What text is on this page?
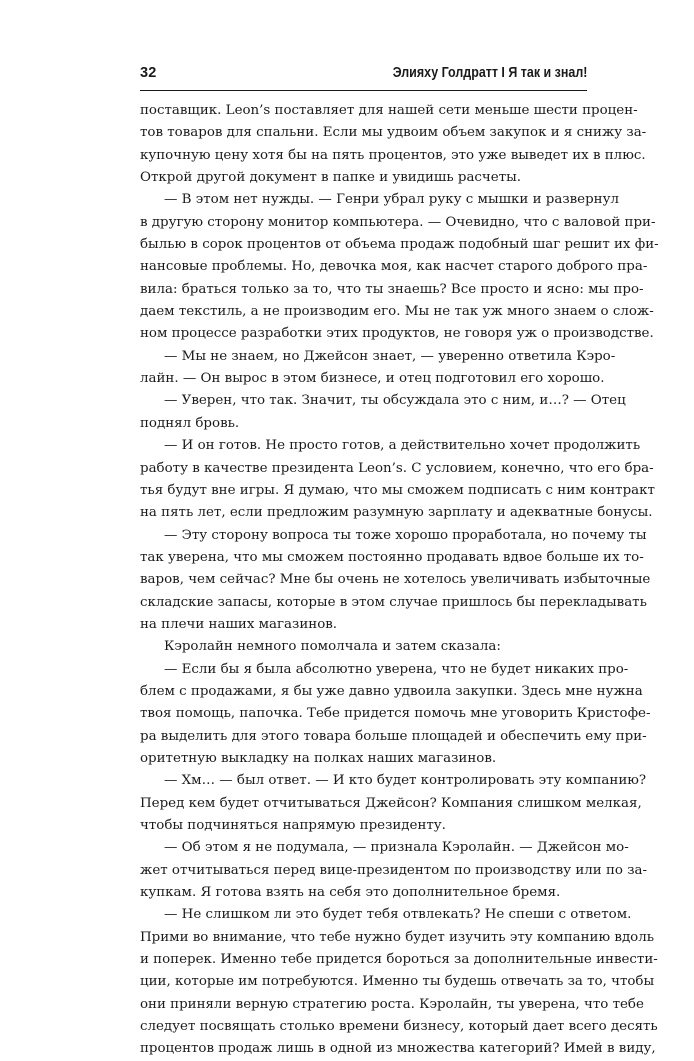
32	Элияху Голдратт I Я так и знал!
поставщик. Leon’s поставляет для нашей сети меньше шести процен-
тов товаров для спальни. Если мы удвоим объем закупок и я снижу за-
купочную цену хотя бы на пять процентов, это уже выведет их в плюс.
Открой другой документ в папке и увидишь расчеты.
— В этом нет нужды. — Генри убрал руку с мышки и развернул
в другую сторону монитор компьютера. — Очевидно, что с валовой при-
былью в сорок процентов от объема продаж подобный шаг решит их фи-
нансовые проблемы. Но, девочка моя, как насчет старого доброго пра-
вила: браться только за то, что ты знаешь? Все просто и ясно: мы про-
даем текстиль, а не производим его. Мы не так уж много знаем о слож-
ном процессе разработки этих продуктов, не говоря уж о производстве.
— Мы не знаем, но Джейсон знает, — уверенно ответила Кэро-
лайн. — Он вырос в этом бизнесе, и отец подготовил его хорошо.
— Уверен, что так. Значит, ты обсуждала это с ним, и…? — Отец
поднял бровь.
— И он готов. Не просто готов, а действительно хочет продолжить
работу в качестве президента Leon’s. С условием, конечно, что его бра-
тья будут вне игры. Я думаю, что мы сможем подписать с ним контракт
на пять лет, если предложим разумную зарплату и адекватные бонусы.
— Эту сторону вопроса ты тоже хорошо проработала, но почему ты
так уверена, что мы сможем постоянно продавать вдвое больше их то-
варов, чем сейчас? Мне бы очень не хотелось увеличивать избыточные
складские запасы, которые в этом случае пришлось бы перекладывать
на плечи наших магазинов.
Кэролайн немного помолчала и затем сказала:
— Если бы я была абсолютно уверена, что не будет никаких про-
блем с продажами, я бы уже давно удвоила закупки. Здесь мне нужна
твоя помощь, папочка. Тебе придется помочь мне уговорить Кристофе-
ра выделить для этого товара больше площадей и обеспечить ему при-
оритетную выкладку на полках наших магазинов.
— Хм… — был ответ. — И кто будет контролировать эту компанию?
Перед кем будет отчитываться Джейсон? Компания слишком мелкая,
чтобы подчиняться напрямую президенту.
— Об этом я не подумала, — признала Кэролайн. — Джейсон мо-
жет отчитываться перед вице-президентом по производству или по за-
купкам. Я готова взять на себя это дополнительное бремя.
— Не слишком ли это будет тебя отвлекать? Не спеши с ответом.
Прими во внимание, что тебе нужно будет изучить эту компанию вдоль
и поперек. Именно тебе придется бороться за дополнительные инвести-
ции, которые им потребуются. Именно ты будешь отвечать за то, чтобы
они приняли верную стратегию роста. Кэролайн, ты уверена, что тебе
следует посвящать столько времени бизнесу, который дает всего десять
процентов продаж лишь в одной из множества категорий? Имей в виду,
